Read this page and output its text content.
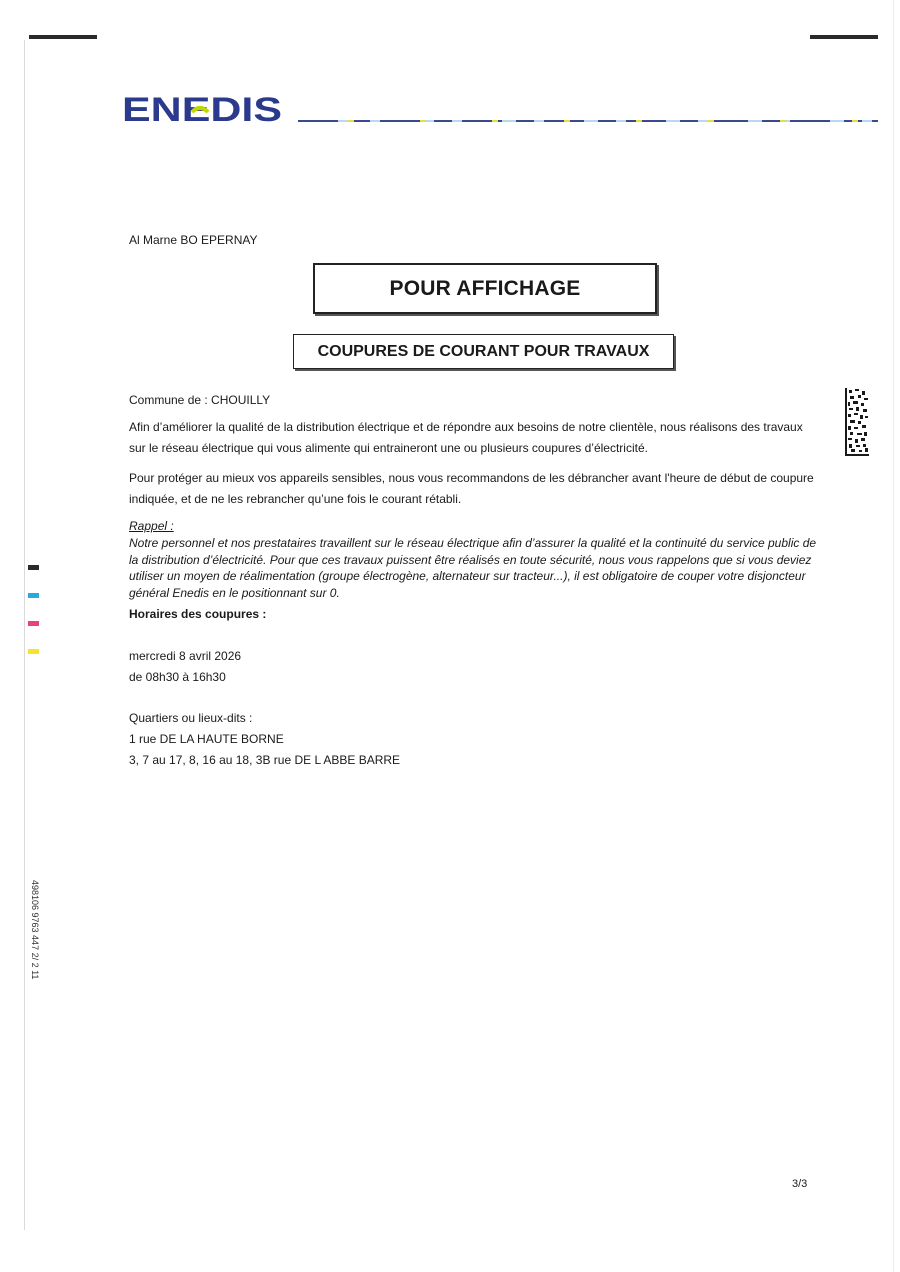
ENEDIS
Al Marne BO EPERNAY
POUR AFFICHAGE
COUPURES DE COURANT POUR TRAVAUX
Commune de : CHOUILLY
Afin d’améliorer la qualité de la distribution électrique et de répondre aux besoins de notre clientèle, nous réalisons des travaux sur le réseau électrique qui vous alimente qui entraineront une ou plusieurs coupures d’électricité.
Pour protéger au mieux vos appareils sensibles, nous vous recommandons de les débrancher avant l'heure de début de coupure indiquée, et de ne les rebrancher qu’une fois le courant rétabli.
Rappel :
Notre personnel et nos prestataires travaillent sur le réseau électrique afin d’assurer la qualité et la continuité du service public de la distribution d’électricité. Pour que ces travaux puissent être réalisés en toute sécurité, nous vous rappelons que si vous deviez utiliser un moyen de réalimentation (groupe électrogène, alternateur sur tracteur...), il est obligatoire de couper votre disjoncteur général Enedis en le positionnant sur 0.
Horaires des coupures :
mercredi 8 avril 2026
de 08h30 à 16h30
Quartiers ou lieux-dits :
1 rue DE LA HAUTE BORNE
3, 7 au 17, 8, 16 au 18, 3B rue DE L ABBE BARRE
498106 9763 447 2/ 2 11
3/3
